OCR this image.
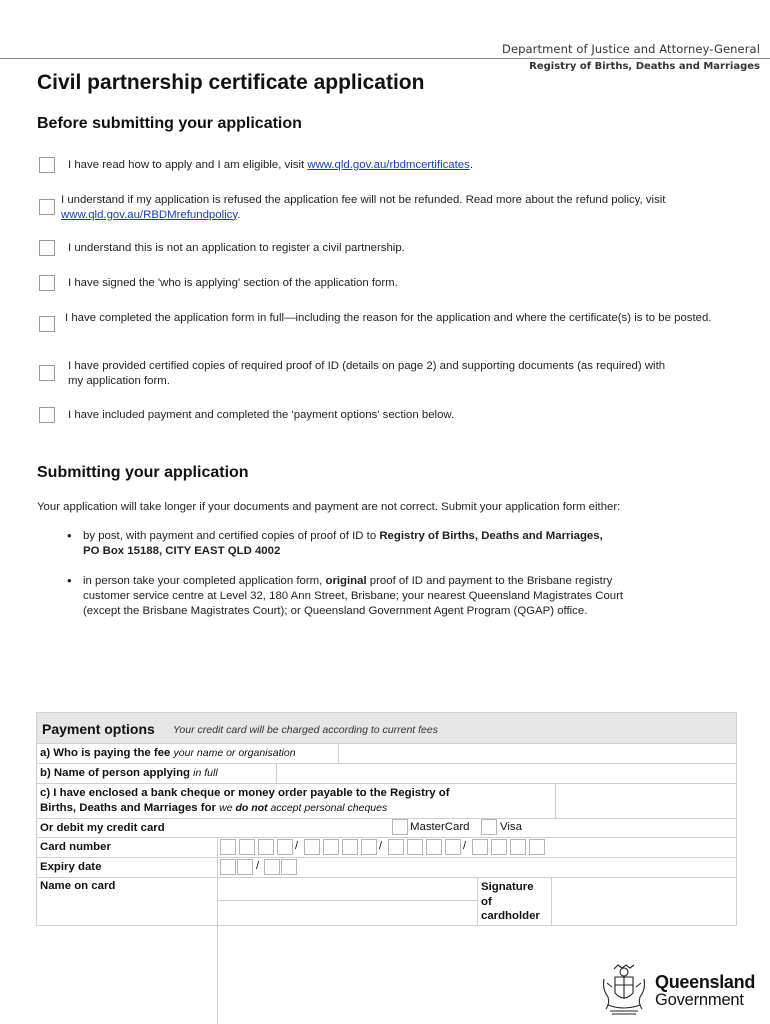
Department of Justice and Attorney-General
Registry of Births, Deaths and Marriages
Civil partnership certificate application
Before submitting your application
I have read how to apply and I am eligible, visit www.qld.gov.au/rbdmcertificates.
I understand if my application is refused the application fee will not be refunded. Read more about the refund policy, visit www.qld.gov.au/RBDMrefundpolicy.
I understand this is not an application to register a civil partnership.
I have signed the 'who is applying' section of the application form.
I have completed the application form in full—including the reason for the application and where the certificate(s) is to be posted.
I have provided certified copies of required proof of ID (details on page 2) and supporting documents (as required) with my application form.
I have included payment and completed the 'payment options' section below.
Submitting your application
Your application will take longer if your documents and payment are not correct. Submit your application form either:
• by post, with payment and certified copies of proof of ID to Registry of Births, Deaths and Marriages,
PO Box 15188, CITY EAST QLD 4002
• in person take your completed application form, original proof of ID and payment to the Brisbane registry
customer service centre at Level 32, 180 Ann Street, Brisbane; your nearest Queensland Magistrates Court
(except the Brisbane Magistrates Court); or Queensland Government Agent Program (QGAP) office.
Payment options Your credit card will be charged according to current fees
a) Who is paying the fee your name or organisation
b) Name of person applying in full
c) I have enclosed a bank cheque or money order payable to the Registry of
Births, Deaths and Marriages for we do not accept personal cheques
Or debit my credit card	MasterCard	Visa
Card number	/	/	/
Expiry date	/
Name on card	Signature
of
cardholder
Queensland
Government
